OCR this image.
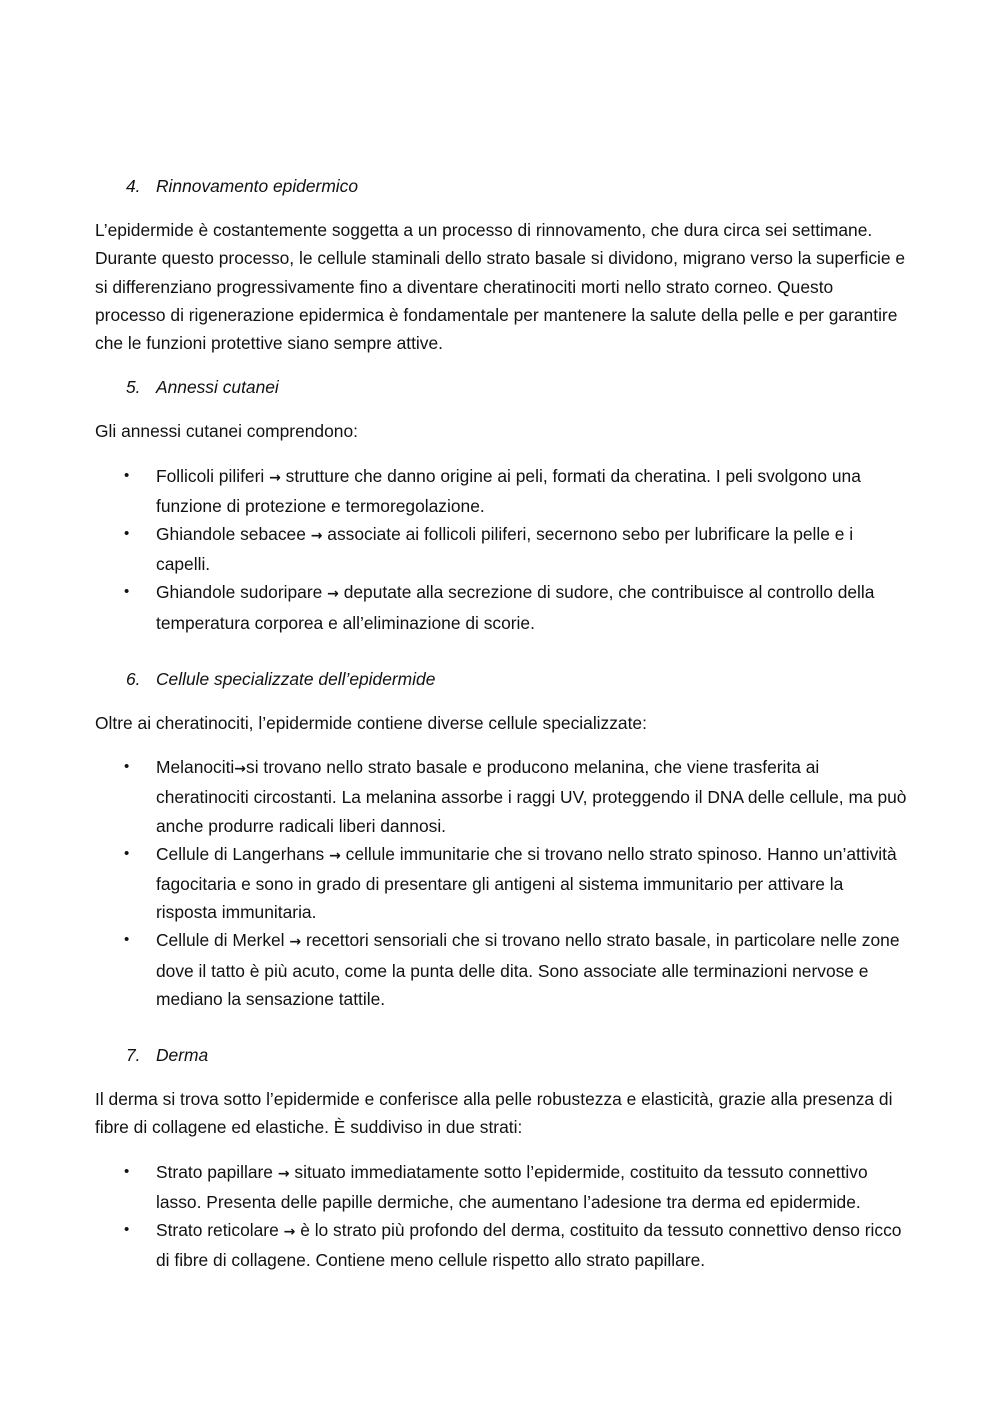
4. Rinnovamento epidermico

L’epidermide è costantemente soggetta a un processo di rinnovamento, che dura circa sei settimane. Durante questo processo, le cellule staminali dello strato basale si dividono, migrano verso la superficie e si differenziano progressivamente fino a diventare cheratinociti morti nello strato corneo. Questo processo di rigenerazione epidermica è fondamentale per mantenere la salute della pelle e per garantire che le funzioni protettive siano sempre attive.

5. Annessi cutanei

Gli annessi cutanei comprendono:

• Follicoli piliferi → strutture che danno origine ai peli, formati da cheratina. I peli svolgono una funzione di protezione e termoregolazione.
• Ghiandole sebacee → associate ai follicoli piliferi, secernono sebo per lubrificare la pelle e i capelli.
• Ghiandole sudoripare → deputate alla secrezione di sudore, che contribuisce al controllo della temperatura corporea e all’eliminazione di scorie.
6. Cellule specializzate dell’epidermide

Oltre ai cheratinociti, l’epidermide contiene diverse cellule specializzate:

• Melanociti→si trovano nello strato basale e producono melanina, che viene trasferita ai cheratinociti circostanti. La melanina assorbe i raggi UV, proteggendo il DNA delle cellule, ma può anche produrre radicali liberi dannosi.
• Cellule di Langerhans → cellule immunitarie che si trovano nello strato spinoso. Hanno un’attività fagocitaria e sono in grado di presentare gli antigeni al sistema immunitario per attivare la risposta immunitaria.
• Cellule di Merkel → recettori sensoriali che si trovano nello strato basale, in particolare nelle zone dove il tatto è più acuto, come la punta delle dita. Sono associate alle terminazioni nervose e mediano la sensazione tattile.
7. Derma

Il derma si trova sotto l’epidermide e conferisce alla pelle robustezza e elasticità, grazie alla presenza di fibre di collagene ed elastiche. È suddiviso in due strati:

• Strato papillare → situato immediatamente sotto l’epidermide, costituito da tessuto connettivo lasso. Presenta delle papille dermiche, che aumentano l’adesione tra derma ed epidermide.
• Strato reticolare → è lo strato più profondo del derma, costituito da tessuto connettivo denso ricco di fibre di collagene. Contiene meno cellule rispetto allo strato papillare.
